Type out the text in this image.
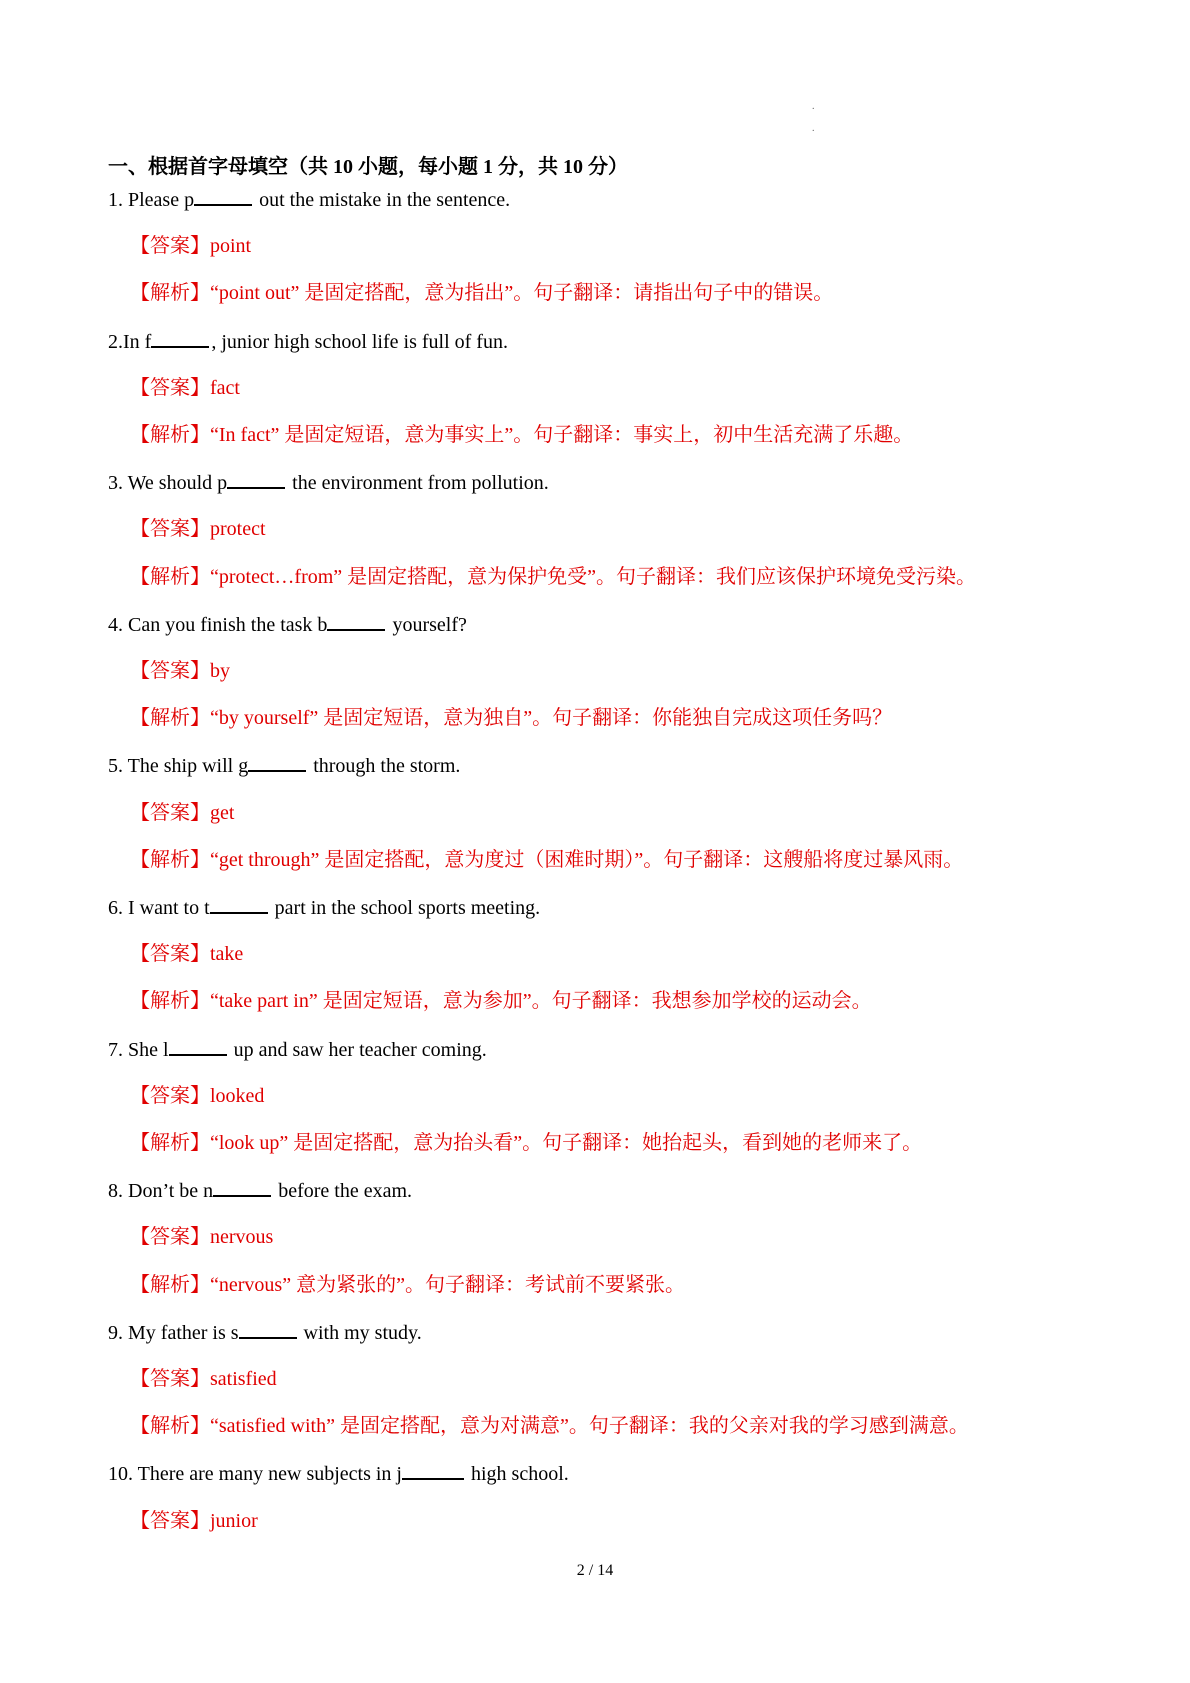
.
.
一、根据首字母填空（共 10 小题，每小题 1 分，共 10 分）
1. Please p	out the mistake in the sentence.
【答案】point
【解析】“point out” 是固定搭配，意为指出”。句子翻译：请指出句子中的错误。
2.In f	, junior high school life is full of fun.
【答案】fact
【解析】“In fact” 是固定短语，意为事实上”。句子翻译：事实上，初中生活充满了乐趣。
3. We should p	the environment from pollution.
【答案】protect
【解析】“protect…from” 是固定搭配，意为保护免受”。句子翻译：我们应该保护环境免受污染。
4. Can you finish the task b	yourself?
【答案】by
【解析】“by yourself” 是固定短语，意为独自”。句子翻译：你能独自完成这项任务吗？
5. The ship will g	through the storm.
【答案】get
【解析】“get through” 是固定搭配，意为度过（困难时期）”。句子翻译：这艘船将度过暴风雨。
6. I want to t	part in the school sports meeting.
【答案】take
【解析】“take part in” 是固定短语，意为参加”。句子翻译：我想参加学校的运动会。
7. She l	up and saw her teacher coming.
【答案】looked
【解析】“look up” 是固定搭配，意为抬头看”。句子翻译：她抬起头，看到她的老师来了。
8. Don’t be n	before the exam.
【答案】nervous
【解析】“nervous” 意为紧张的”。句子翻译：考试前不要紧张。
9. My father is s	with my study.
【答案】satisfied
【解析】“satisfied with” 是固定搭配，意为对满意”。句子翻译：我的父亲对我的学习感到满意。
10. There are many new subjects in j	high school.
【答案】junior
2 / 14
